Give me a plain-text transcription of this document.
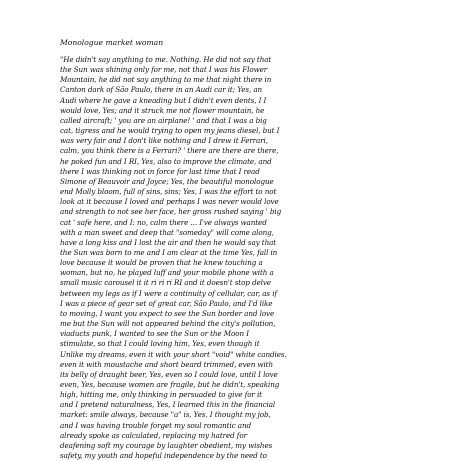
Monologue market woman
"He didn't say anything to me. Nothing. He did not say that
the Sun was shining only for me, not that I was his Flower
Mountain, he did not say anything to me that night there in
Canton dark of São Paulo, there in an Audi car it; Yes, an
Audi where he gave a kneading but I didn't even dents, I I
would love, Yes; and it struck me not flower mountain, he
called aircraft; ' you are an airplane! ' and that I was a big
cat, tigress and he would trying to open my jeans diesel, but I
was very fair and I don't like nothing and I drew it Ferrari,
calm, you think there is a Ferrari? ' there are there are there,
he poked fun and I RI, Yes, also to improve the climate, and
there I was thinking not in force for last time that I read
Simone of Beauvoir and Joyce; Yes, the beautiful monologue
end Molly bloom, full of sins, sins; Yes, I was the effort to not
look at it because I loved and perhaps I was never would love
and strength to not see her face, her gross rushed saying ' big
cat ' safe here, and I: no, calm there ... I've always wanted
with a man sweet and deep that "someday" will come along,
have a long kiss and I lost the air and then he would say that
the Sun was born to me and I am clear at the time Yes, fall in
love because it would be proven that he knew touching a
woman, but no, he played luff and your mobile phone with a
small music carousel it it ri ri ri RI and it doesn't stop delve
between my legs as if I were a continuity of cellular, car, as if
I was a piece of gear set of great car, São Paulo, and I'd like
to moving, I want you expect to see the Sun border and love
me but the Sun will not appeared behind the city's pollution,
viaducts punk, I wanted to see the Sun or the Moon I
stimulate, so that I could loving him, Yes, even though it
Unlike my dreams, even it with your short "void" white candies,
even it with moustache and short beard trimmed, even with
its belly of draught beer, Yes, even so I could love, until I love
even, Yes, because women are fragile, but he didn't, speaking
high, hitting me, only thinking in persuaded to give for it
and I pretend naturalness, Yes, I learned this in the financial
market: smile always, because "a" is, Yes, I thought my job,
and I was having trouble forget my soul romantic and
already spoke as calculated, replacing my hatred for
deafening soft my courage by laughter obedient, my wishes
safety, my youth and hopeful independence by the need to
